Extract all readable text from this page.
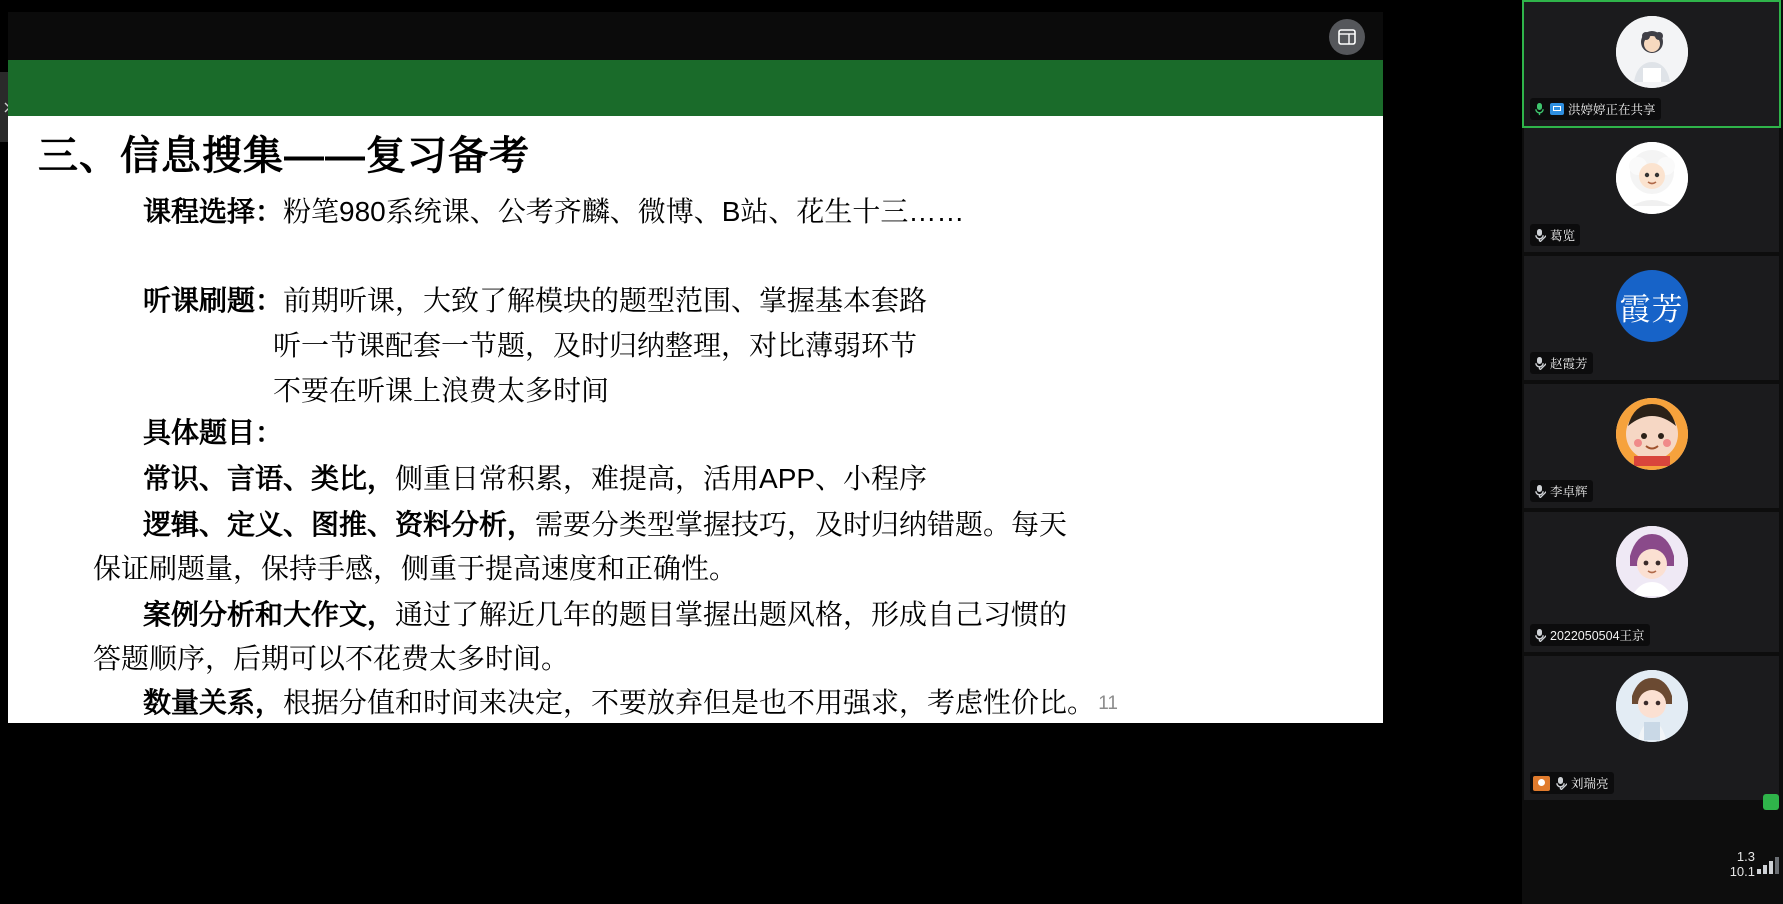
三、信息搜集——复习备考
课程选择：粉笔980系统课、公考齐麟、微博、B站、花生十三……
听课刷题：前期听课，大致了解模块的题型范围、掌握基本套路
听一节课配套一节题，及时归纳整理，对比薄弱环节
不要在听课上浪费太多时间
具体题目：
常识、言语、类比，侧重日常积累，难提高，活用APP、小程序
逻辑、定义、图推、资料分析，需要分类型掌握技巧，及时归纳错题。每天
保证刷题量，保持手感，侧重于提高速度和正确性。
案例分析和大作文，通过了解近几年的题目掌握出题风格，形成自己习惯的
答题顺序，后期可以不花费太多时间。
数量关系，根据分值和时间来决定，不要放弃但是也不用强求，考虑性价比。 11
洪婷婷正在共享
葛览
霞芳
赵霞芳
李卓辉
2022050504王京
刘瑞亮
1.3
10.1
